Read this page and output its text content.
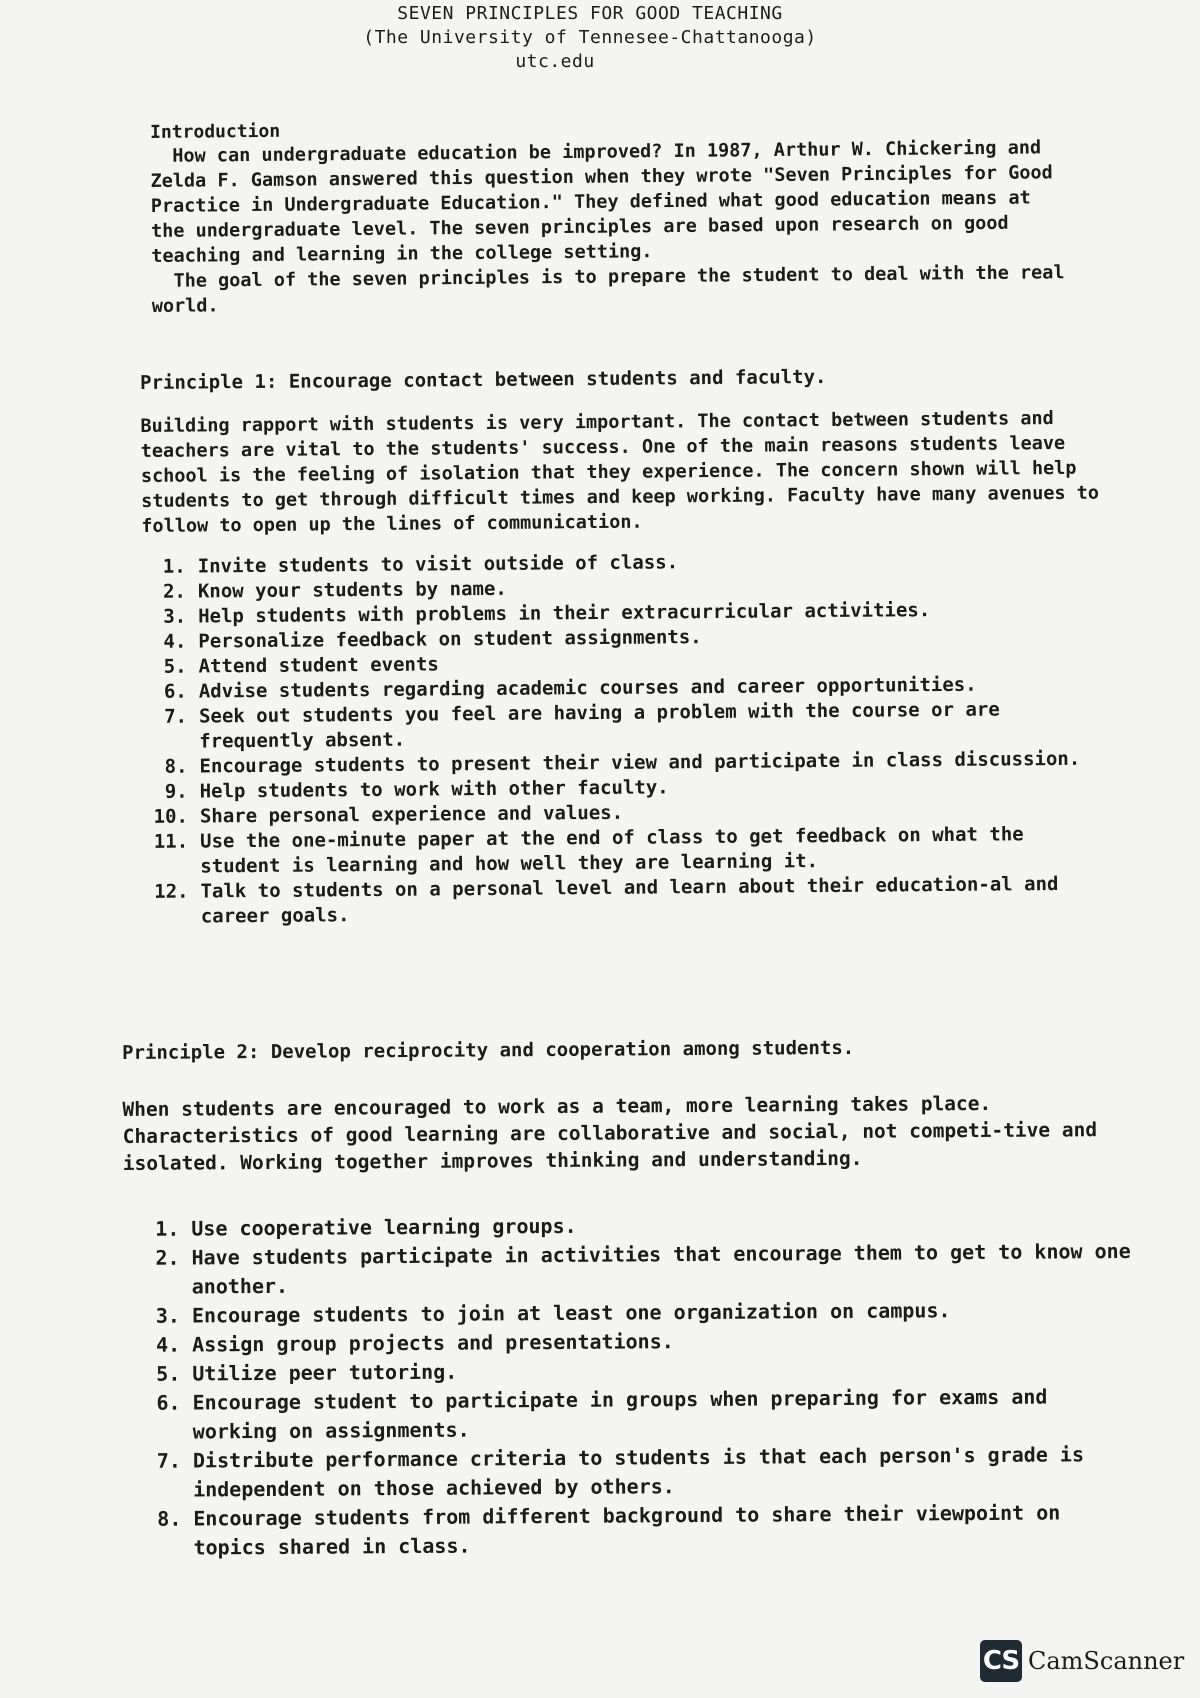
SEVEN PRINCIPLES FOR GOOD TEACHING
(The University of Tennesee-Chattanooga)
utc.edu
Introduction

How can undergraduate education be improved? In 1987, Arthur W. Chickering and Zelda F. Gamson answered this question when they wrote "Seven Principles for Good Practice in Undergraduate Education." They defined what good education means at the undergraduate level. The seven principles are based upon research on good teaching and learning in the college setting.

The goal of the seven principles is to prepare the student to deal with the real world.

Principle 1: Encourage contact between students and faculty.

Building rapport with students is very important. The contact between students and teachers are vital to the students' success. One of the main reasons students leave school is the feeling of isolation that they experience. The concern shown will help students to get through difficult times and keep working. Faculty have many avenues to follow to open up the lines of communication.

1. Invite students to visit outside of class.
2. Know your students by name.
3. Help students with problems in their extracurricular activities.
4. Personalize feedback on student assignments.
5. Attend student events
6. Advise students regarding academic courses and career opportunities.
7. Seek out students you feel are having a problem with the course or are frequently absent.
8. Encourage students to present their view and participate in class discussion.
9. Help students to work with other faculty.
10. Share personal experience and values.
11. Use the one-minute paper at the end of class to get feedback on what the student is learning and how well they are learning it.
12. Talk to students on a personal level and learn about their education-al and career goals.
Principle 2: Develop reciprocity and cooperation among students.

When students are encouraged to work as a team, more learning takes place. Characteristics of good learning are collaborative and social, not competi-tive and isolated. Working together improves thinking and understanding.

1. Use cooperative learning groups.
2. Have students participate in activities that encourage them to get to know one another.
3. Encourage students to join at least one organization on campus.
4. Assign group projects and presentations.
5. Utilize peer tutoring.
6. Encourage student to participate in groups when preparing for exams and working on assignments.
7. Distribute performance criteria to students is that each person's grade is independent on those achieved by others.
8. Encourage students from different background to share their viewpoint on topics shared in class.
CS CamScanner
